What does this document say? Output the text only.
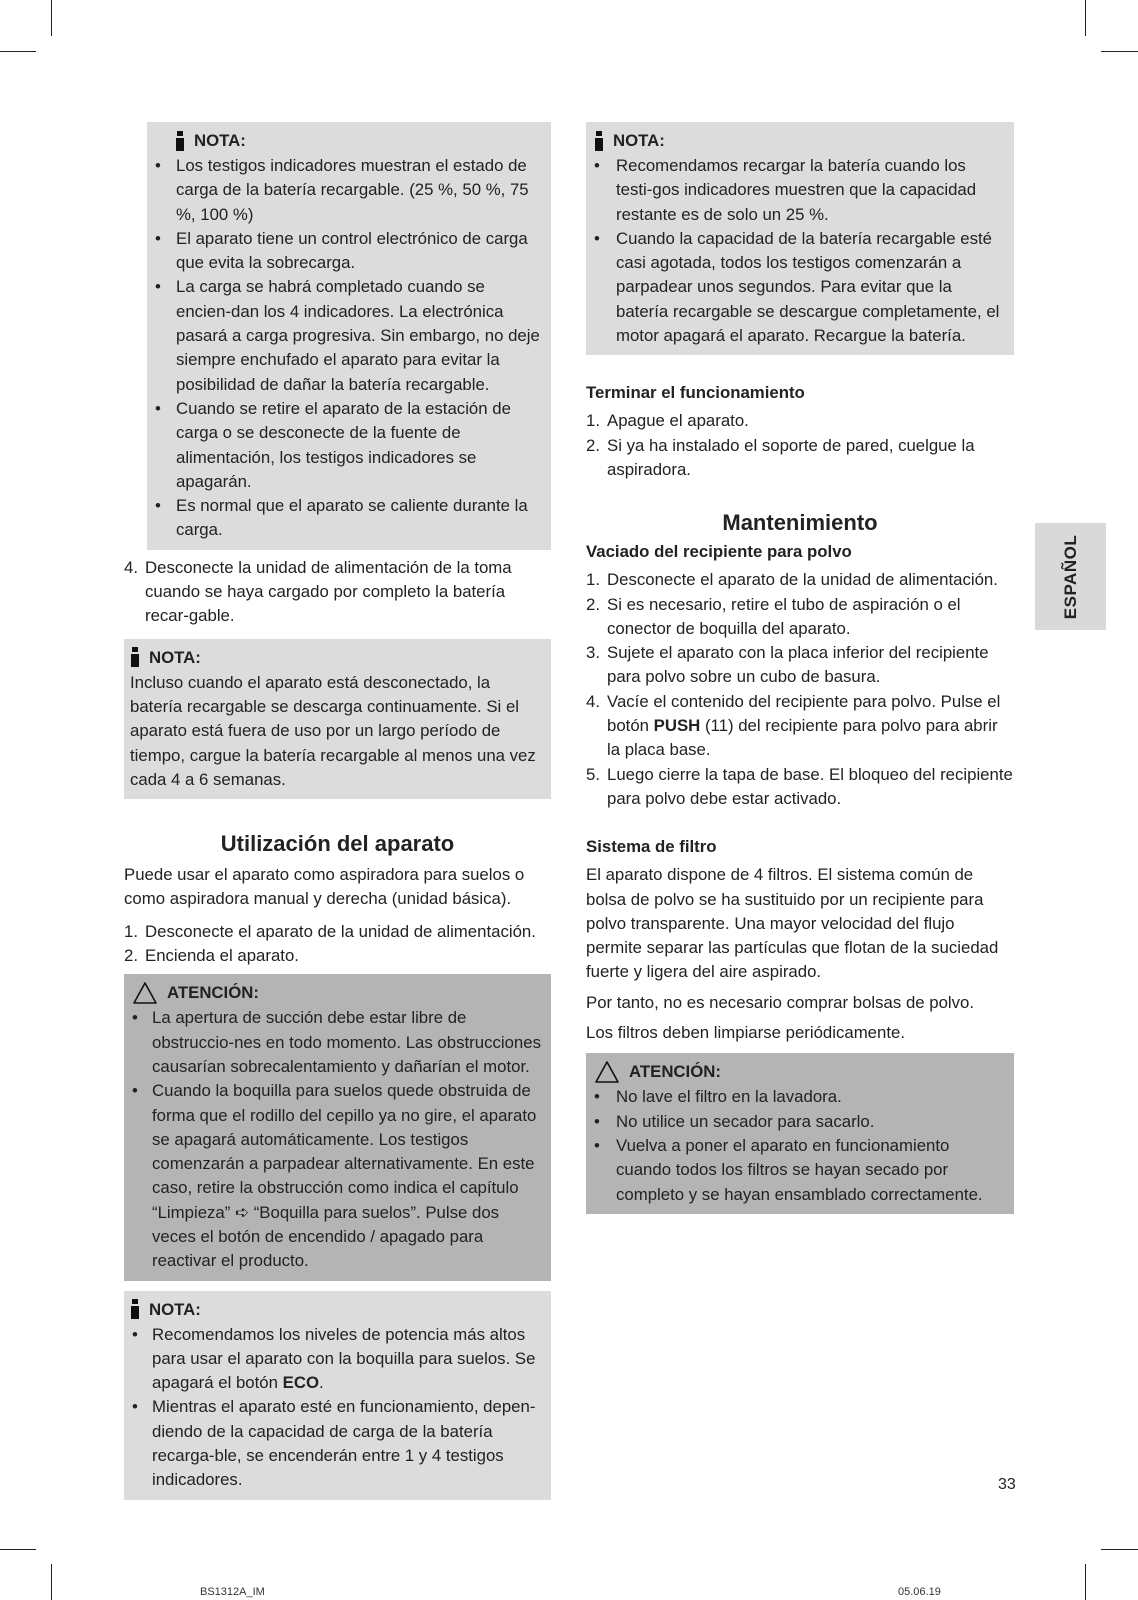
NOTA:
• Los testigos indicadores muestran el estado de carga de la batería recargable. (25 %, 50 %, 75 %, 100 %)
• El aparato tiene un control electrónico de carga que evita la sobrecarga.
• La carga se habrá completado cuando se encien-dan los 4 indicadores. La electrónica pasará a carga progresiva. Sin embargo, no deje siempre enchufado el aparato para evitar la posibilidad de dañar la batería recargable.
• Cuando se retire el aparato de la estación de carga o se desconecte de la fuente de alimentación, los testigos indicadores se apagarán.
• Es normal que el aparato se caliente durante la carga.
4. Desconecte la unidad de alimentación de la toma cuando se haya cargado por completo la batería recar-gable.
NOTA:
Incluso cuando el aparato está desconectado, la batería recargable se descarga continuamente. Si el aparato está fuera de uso por un largo período de tiempo, cargue la batería recargable al menos una vez cada 4 a 6 semanas.
Utilización del aparato

Puede usar el aparato como aspiradora para suelos o como aspiradora manual y derecha (unidad básica).

1. Desconecte el aparato de la unidad de alimentación.
2. Encienda el aparato.
ATENCIÓN:
• La apertura de succión debe estar libre de obstruccio-nes en todo momento. Las obstrucciones causarían sobrecalentamiento y dañarían el motor.
• Cuando la boquilla para suelos quede obstruida de forma que el rodillo del cepillo ya no gire, el aparato se apagará automáticamente. Los testigos comenzarán a parpadear alternativamente. En este caso, retire la obstrucción como indica el capítulo “Limpieza” ➪ “Boquilla para suelos”. Pulse dos veces el botón de encendido / apagado para reactivar el producto.
NOTA:
• Recomendamos los niveles de potencia más altos para usar el aparato con la boquilla para suelos. Se apagará el botón ECO.
• Mientras el aparato esté en funcionamiento, depen-diendo de la capacidad de carga de la batería recarga-ble, se encenderán entre 1 y 4 testigos indicadores.
NOTA:
• Recomendamos recargar la batería cuando los testi-gos indicadores muestren que la capacidad restante es de solo un 25 %.
• Cuando la capacidad de la batería recargable esté casi agotada, todos los testigos comenzarán a parpadear unos segundos. Para evitar que la batería recargable se descargue completamente, el motor apagará el aparato. Recargue la batería.
Terminar el funcionamiento
1. Apague el aparato.
2. Si ya ha instalado el soporte de pared, cuelgue la aspiradora.
Mantenimiento
Vaciado del recipiente para polvo
1. Desconecte el aparato de la unidad de alimentación.
2. Si es necesario, retire el tubo de aspiración o el conector de boquilla del aparato.
3. Sujete el aparato con la placa inferior del recipiente para polvo sobre un cubo de basura.
4. Vacíe el contenido del recipiente para polvo. Pulse el botón PUSH (11) del recipiente para polvo para abrir la placa base.
5. Luego cierre la tapa de base. El bloqueo del recipiente para polvo debe estar activado.
Sistema de filtro

El aparato dispone de 4 filtros. El sistema común de bolsa de polvo se ha sustituido por un recipiente para polvo transparente. Una mayor velocidad del flujo permite separar las partículas que flotan de la suciedad fuerte y ligera del aire aspirado.

Por tanto, no es necesario comprar bolsas de polvo.

Los filtros deben limpiarse periódicamente.

ATENCIÓN:
• No lave el filtro en la lavadora.
• No utilice un secador para sacarlo.
• Vuelva a poner el aparato en funcionamiento cuando todos los filtros se hayan secado por completo y se hayan ensamblado correctamente.
ESPAÑOL
33
BS1312A_IM	05.06.19
